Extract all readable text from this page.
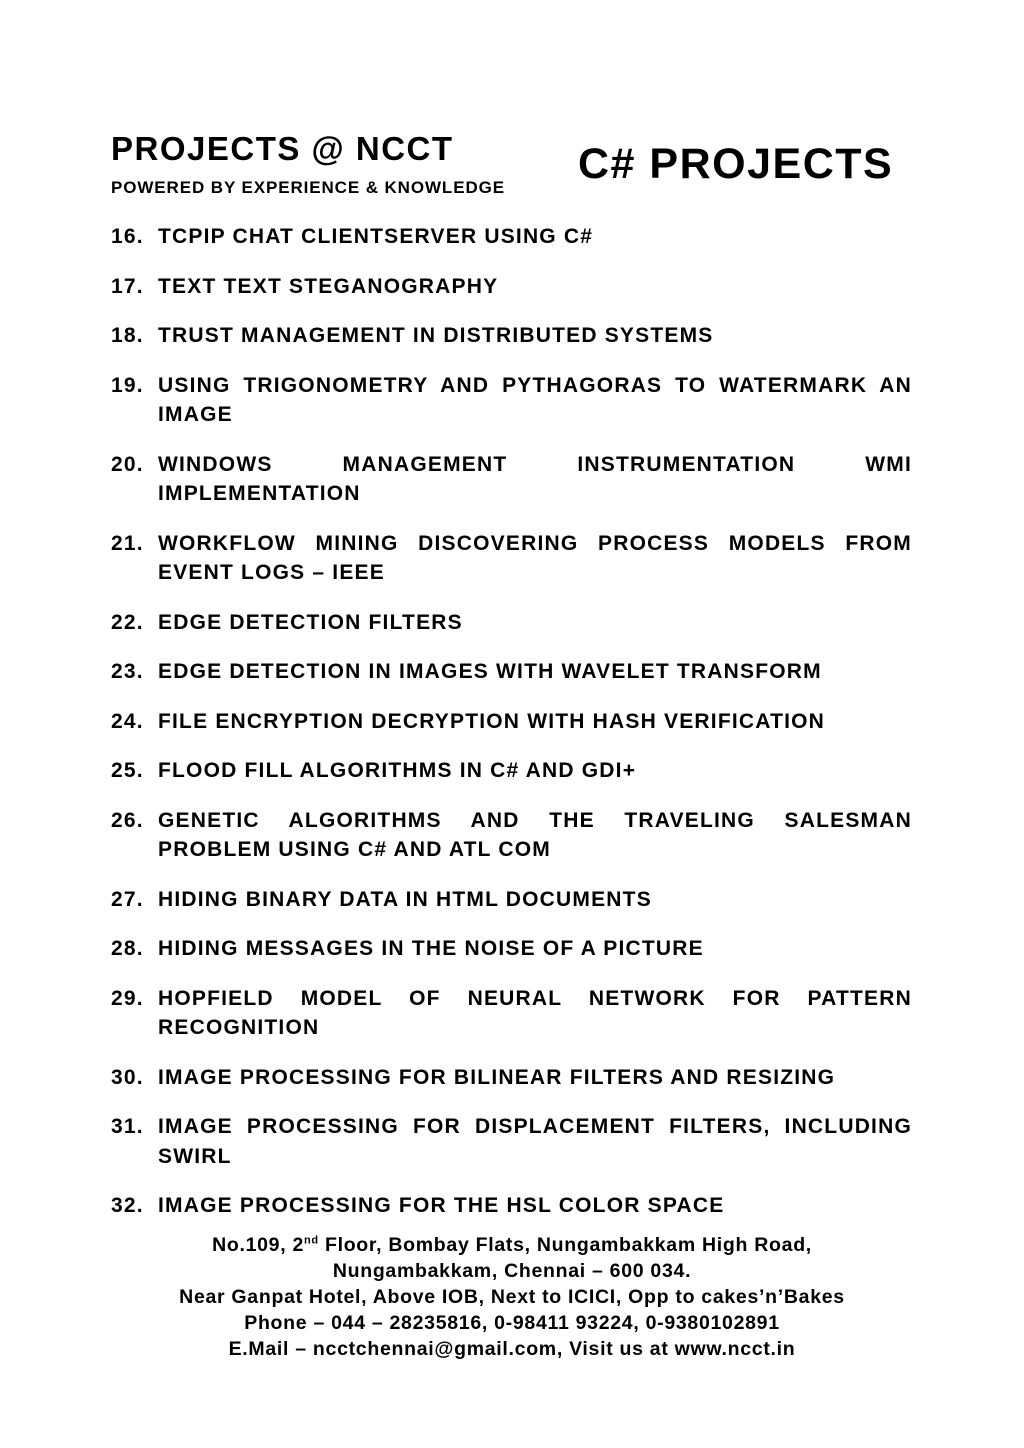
PROJECTS @ NCCT
POWERED BY EXPERIENCE & KNOWLEDGE C# PROJECTS
16. TCPIP CHAT CLIENTSERVER USING C#
17. TEXT TEXT STEGANOGRAPHY
18. TRUST MANAGEMENT IN DISTRIBUTED SYSTEMS
19. USING TRIGONOMETRY AND PYTHAGORAS TO WATERMARK AN IMAGE
20. WINDOWS MANAGEMENT INSTRUMENTATION WMI IMPLEMENTATION
21. WORKFLOW MINING DISCOVERING PROCESS MODELS FROM EVENT LOGS – IEEE
22. EDGE DETECTION FILTERS
23. EDGE DETECTION IN IMAGES WITH WAVELET TRANSFORM
24. FILE ENCRYPTION DECRYPTION WITH HASH VERIFICATION
25. FLOOD FILL ALGORITHMS IN C# AND GDI+
26. GENETIC ALGORITHMS AND THE TRAVELING SALESMAN PROBLEM USING C# AND ATL COM
27. HIDING BINARY DATA IN HTML DOCUMENTS
28. HIDING MESSAGES IN THE NOISE OF A PICTURE
29. HOPFIELD MODEL OF NEURAL NETWORK FOR PATTERN RECOGNITION
30. IMAGE PROCESSING FOR BILINEAR FILTERS AND RESIZING
31. IMAGE PROCESSING FOR DISPLACEMENT FILTERS, INCLUDING SWIRL
32. IMAGE PROCESSING FOR THE HSL COLOR SPACE
No.109, 2nd Floor, Bombay Flats, Nungambakkam High Road,
Nungambakkam, Chennai – 600 034.
Near Ganpat Hotel, Above IOB, Next to ICICI, Opp to cakes’n’Bakes
Phone – 044 – 28235816, 0-98411 93224, 0-9380102891
E.Mail – ncctchennai@gmail.com, Visit us at www.ncct.in
